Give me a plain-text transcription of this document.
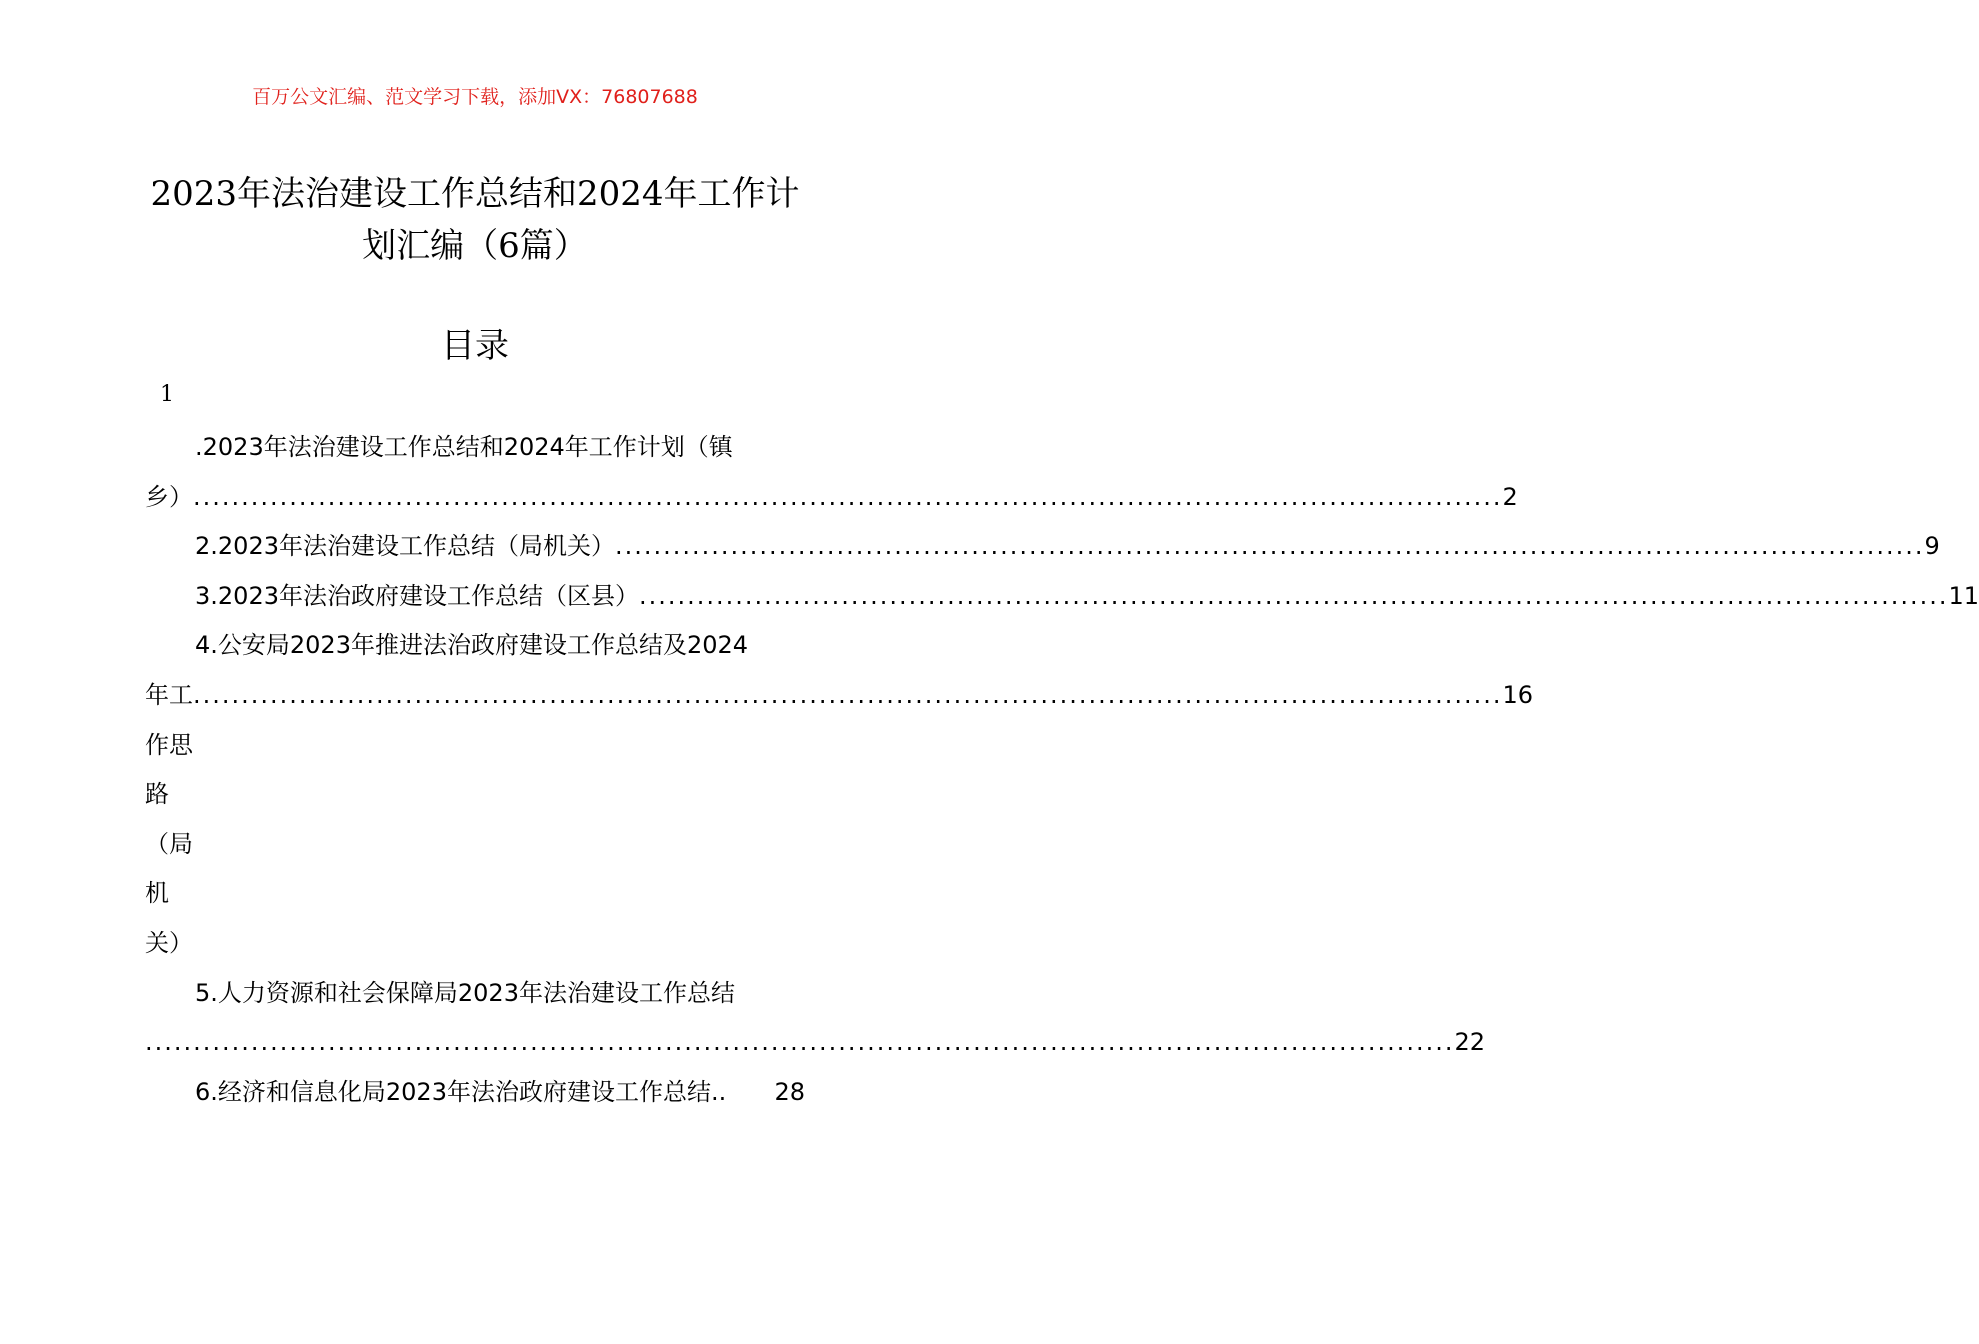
百万公文汇编、范文学习下载，添加VX：76807688
2023年法治建设工作总结和2024年工作计
划汇编（6篇）
目录
1
.2023年法治建设工作总结和2024年工作计划（镇
乡） ........................................................................................................................................ 2
2.2023年法治建设工作总结（局机关） ........................................................................................................................................ 9
3.2023年法治政府建设工作总结（区县） ........................................................................................................................................ 11
4.公安局2023年推进法治政府建设工作总结及2024
年工作思路（局机关）
........................................................................................................................................ 16
5.人力资源和社会保障局2023年法治建设工作总结
........................................................................................................................................ 22
6.经济和信息化局2023年法治政府建设工作总结.. 28
